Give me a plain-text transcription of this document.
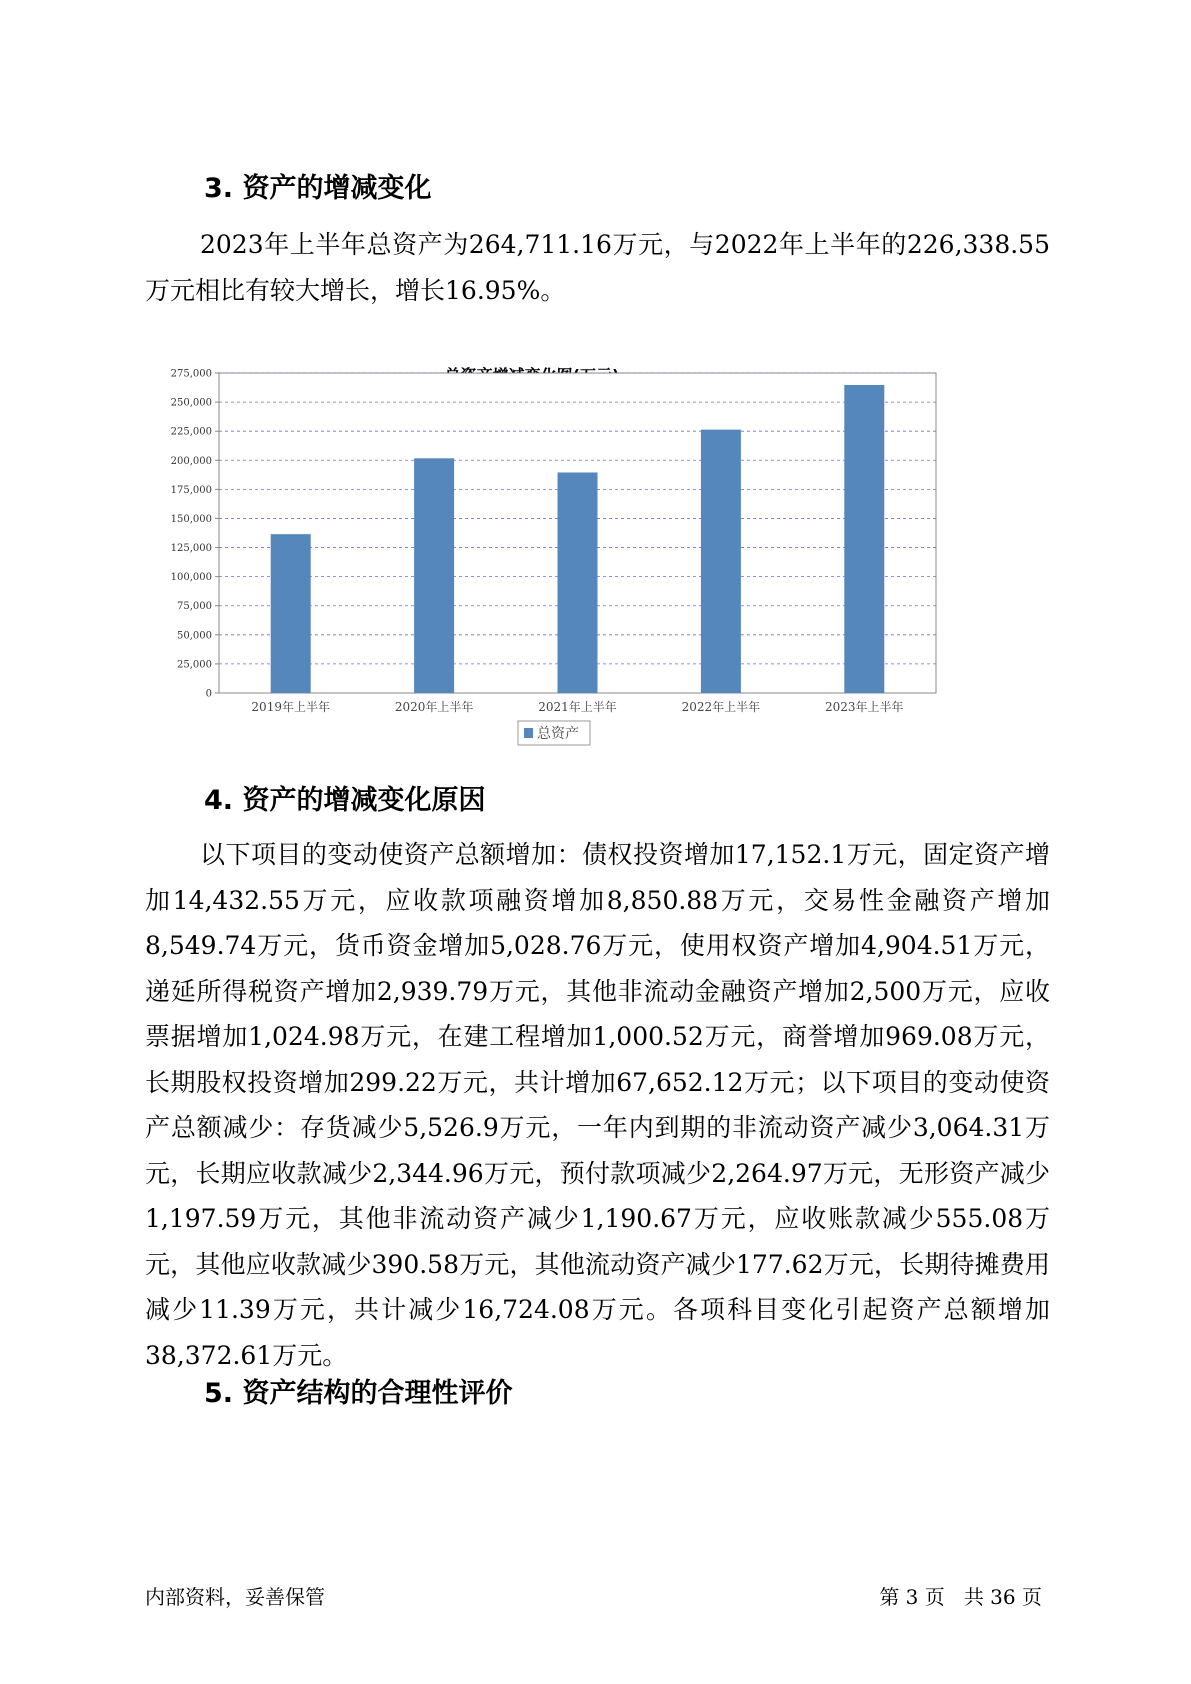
3. 资产的增减变化

2023年上半年总资产为264,711.16万元，与2022年上半年的226,338.55万元相比有较大增长，增长16.95%。

0
25,000
50,000
75,000
100,000
125,000
150,000
175,000
200,000
225,000
250,000
275,000
2019年上半年	2020年上半年	2021年上半年	2022年上半年	2023年上半年
总资产
4. 资产的增减变化原因

以下项目的变动使资产总额增加：债权投资增加17,152.1万元，固定资产增加14,432.55万元，应收款项融资增加8,850.88万元，交易性金融资产增加8,549.74万元，货币资金增加5,028.76万元，使用权资产增加4,904.51万元，递延所得税资产增加2,939.79万元，其他非流动金融资产增加2,500万元，应收票据增加1,024.98万元，在建工程增加1,000.52万元，商誉增加969.08万元，长期股权投资增加299.22万元，共计增加67,652.12万元；以下项目的变动使资产总额减少：存货减少5,526.9万元，一年内到期的非流动资产减少3,064.31万元，长期应收款减少2,344.96万元，预付款项减少2,264.97万元，无形资产减少1,197.59万元，其他非流动资产减少1,190.67万元，应收账款减少555.08万元，其他应收款减少390.58万元，其他流动资产减少177.62万元，长期待摊费用减少11.39万元，共计减少16,724.08万元。各项科目变化引起资产总额增加38,372.61万元。

5. 资产结构的合理性评价
内部资料，妥善保管	第 3 页   共 36 页
